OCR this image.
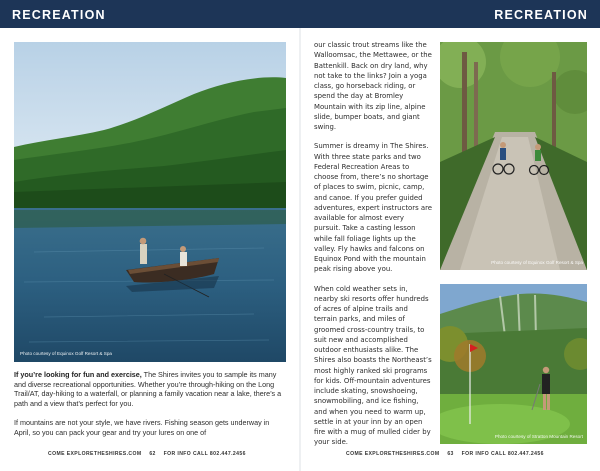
RECREATION	RECREATION
Photo courtesy of Equinox Golf Resort & Spa

If you’re looking for fun and exercise, The Shires invites you to sample its many and diverse recreational opportunities. Whether you’re through-hiking on the Long Trail/AT, day-hiking to a waterfall, or planning a family vacation near a lake, there’s a path and a view that’s perfect for you.

If mountains are not your style, we have rivers. Fishing season gets underway in April, so you can pack your gear and try your lures on one of

our classic trout streams like the Walloomsac, the Mettawee, or the Battenkill. Back on dry land, why not take to the links? Join a yoga class, go horseback riding, or spend the day at Bromley Mountain with its zip line, alpine slide, bumper boats, and giant swing.

Summer is dreamy in The Shires. With three state parks and two Federal Recreation Areas to choose from, there’s no shortage of places to swim, picnic, camp, and canoe. If you prefer guided adventures, expert instructors are available for almost every pursuit. Take a casting lesson while fall foliage lights up the valley. Fly hawks and falcons on Equinox Pond with the mountain peak rising above you.

When cold weather sets in, nearby ski resorts offer hundreds of acres of alpine trails and terrain parks, and miles of groomed cross-country trails, to suit new and accomplished outdoor enthusiasts alike. The Shires also boasts the Northeast’s most highly ranked ski programs for kids. Off-mountain adventures include skating, snowshoeing, snowmobiling, and ice fishing, and when you need to warm up, settle in at your inn by an open fire with a mug of mulled cider by your side.

Photo courtesy of Equinox Golf Resort & Spa
Photo courtesy of Stratton Mountain Resort
COME EXPLORETHESHIRES.COM 62 FOR INFO CALL 802.447.2456	COME EXPLORETHESHIRES.COM 63 FOR INFO CALL 802.447.2456
